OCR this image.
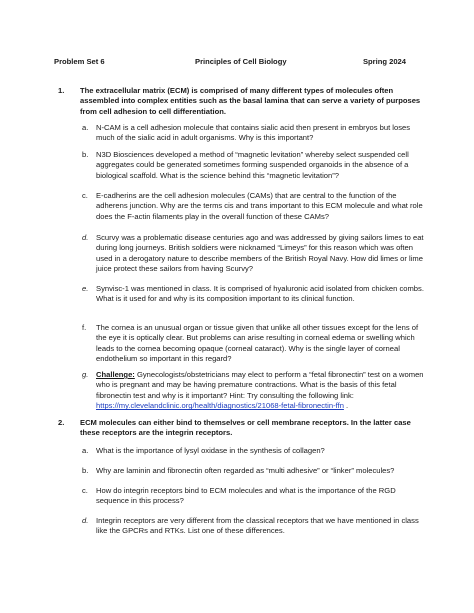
Problem Set 6	Principles of Cell Biology	Spring 2024
1. The extracellular matrix (ECM) is comprised of many different types of molecules often assembled into complex entities such as the basal lamina that can serve a variety of purposes from cell adhesion to cell differentiation.
a. N-CAM is a cell adhesion molecule that contains sialic acid then present in embryos but loses much of the sialic acid in adult organisms. Why is this important?
b. N3D Biosciences developed a method of “magnetic levitation” whereby select suspended cell aggregates could be generated sometimes forming suspended organoids in the absence of a biological scaffold. What is the science behind this “magnetic levitation”?
c. E-cadherins are the cell adhesion molecules (CAMs) that are central to the function of the adherens junction. Why are the terms cis and trans important to this ECM molecule and what role does the F-actin filaments play in the overall function of these CAMs?
d. Scurvy was a problematic disease centuries ago and was addressed by giving sailors limes to eat during long journeys. British soldiers were nicknamed “Limeys” for this reason which was often used in a derogatory nature to describe members of the British Royal Navy. How did limes or lime juice protect these sailors from having Scurvy?
e. Synvisc-1 was mentioned in class. It is comprised of hyaluronic acid isolated from chicken combs. What is it used for and why is its composition important to its clinical function.
f. The cornea is an unusual organ or tissue given that unlike all other tissues except for the lens of the eye it is optically clear. But problems can arise resulting in corneal edema or swelling which leads to the cornea becoming opaque (corneal cataract). Why is the single layer of corneal endothelium so important in this regard?
g. Challenge: Gynecologists/obstetricians may elect to perform a “fetal fibronectin” test on a women who is pregnant and may be having premature contractions. What is the basis of this fetal fibronectin test and why is it important? Hint: Try consulting the following link: https://my.clevelandclinic.org/health/diagnostics/21068-fetal-fibronectin-ffn .
2. ECM molecules can either bind to themselves or cell membrane receptors. In the latter case these receptors are the integrin receptors.
a. What is the importance of lysyl oxidase in the synthesis of collagen?
b. Why are laminin and fibronectin often regarded as “multi adhesive” or “linker” molecules?
c. How do integrin receptors bind to ECM molecules and what is the importance of the RGD sequence in this process?
d. Integrin receptors are very different from the classical receptors that we have mentioned in class like the GPCRs and RTKs. List one of these differences.
